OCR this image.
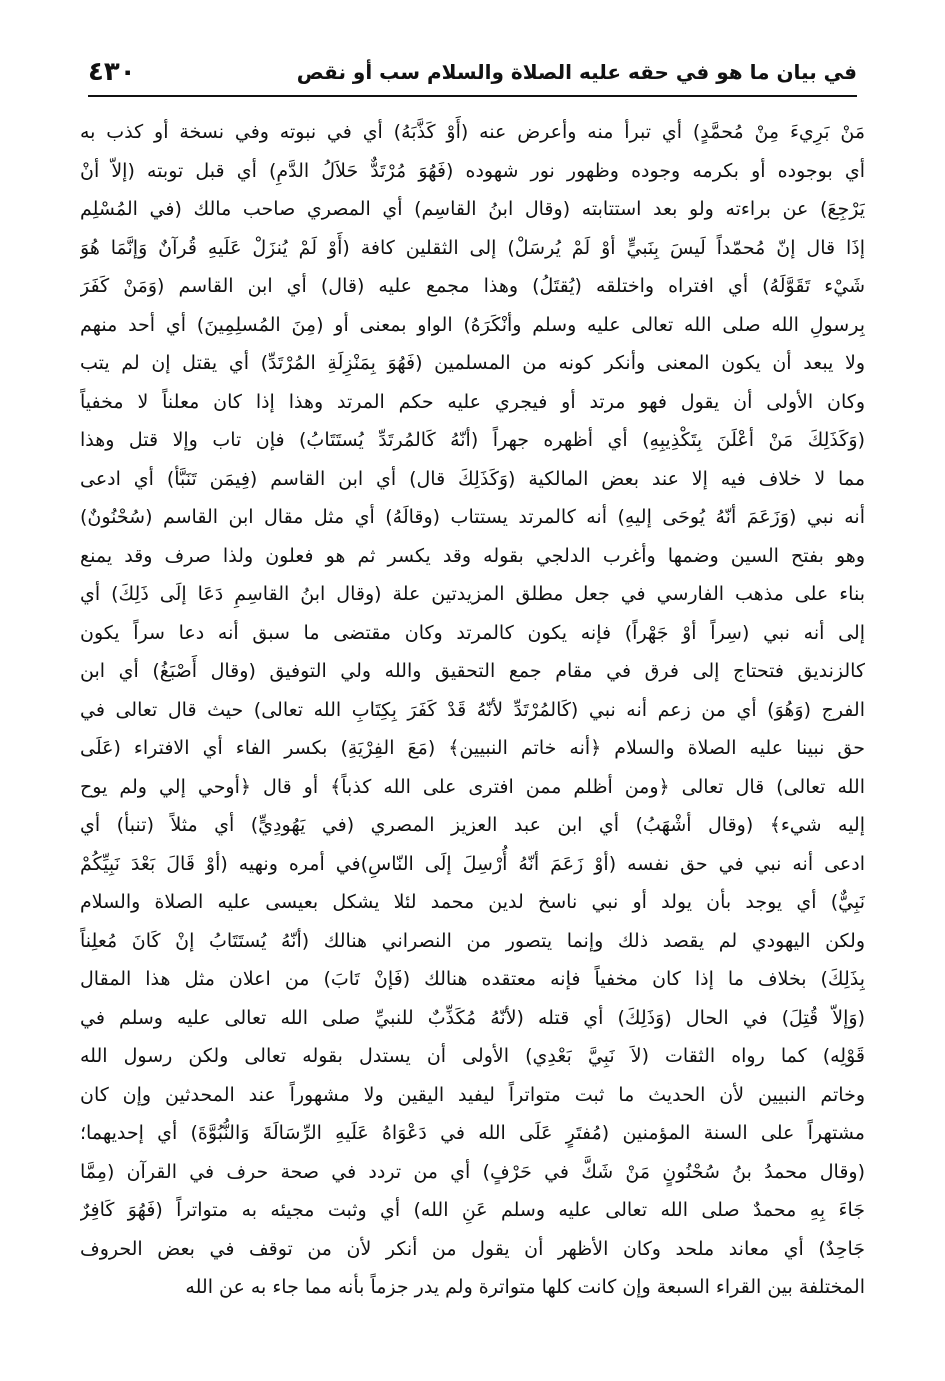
في بيان ما هو في حقه عليه الصلاة والسلام سب أو نقص
٤٣٠
مَنْ بَرِيءَ مِنْ مُحمَّدٍ) أي تبرأ منه وأعرض عنه (أَوْ كَذَّبَهُ) أي في نبوته وفي نسخة أو كذب به
أي بوجوده أو بكرمه وجوده وظهور نور شهوده (فَهُوَ مُرْتَدٌّ حَلاَلُ الدَّمِ) أي قبل توبته (إلاّ أنْ
يَرْجِعَ) عن براءته ولو بعد استتابته (وقال ابنُ القاسِم) أي المصري صاحب مالك (في المُسْلِم
إذَا قال إنّ مُحمّداً لَيسَ بِنَبيٍّ أوْ لَمْ يُرسَلْ) إلى الثقلين كافة (أَوْ لَمْ يُنزَلْ عَلَيهِ قُرآنٌ وَإنَّمَا هُوَ
شَيْء تَقَوَّلَهُ) أي افتراه واختلقه (يُقتَلُ) وهذا مجمع عليه (قال) أي ابن القاسم (وَمَنْ كَفَرَ
بِرسولِ الله صلى الله تعالى عليه وسلم وأنْكَرَهُ) الواو بمعنى أو (مِنَ المُسلِمِينَ) أي أحد منهم
ولا يبعد أن يكون المعنى وأنكر كونه من المسلمين (فَهُوَ بِمَنْزِلَةِ المُرْتَدِّ) أي يقتل إن لم يتب
وكان الأولى أن يقول فهو مرتد أو فيجري عليه حكم المرتد وهذا إذا كان معلناً لا مخفياً
(وَكَذَلِكَ مَنْ أعْلَنَ بِتَكْذِيبِهِ) أي أظهره جهراً (أنّهُ كَالمُرتَدِّ يُستَتَابُ) فإن تاب وإلا قتل وهذا
مما لا خلاف فيه إلا عند بعض المالكية (وَكَذَلِكَ قال) أي ابن القاسم (فِيمَن تَنَبَّأ) أي ادعى
أنه نبي (وَزَعَمَ أنّهُ يُوحَى إليهِ) أنه كالمرتد يستتاب (وقالَهُ) أي مثل مقال ابن القاسم (سُحْنُونٌ)
وهو بفتح السين وضمها وأغرب الدلجي بقوله وقد يكسر ثم هو فعلون ولذا صرف وقد يمنع
بناء على مذهب الفارسي في جعل مطلق المزيدتين علة (وقال ابنُ القاسِمِ دَعَا إلَى ذَلِكَ) أي
إلى أنه نبي (سِراً أوْ جَهْراً) فإنه يكون كالمرتد وكان مقتضى ما سبق أنه دعا سراً يكون
كالزنديق فتحتاج إلى فرق في مقام جمع التحقيق والله ولي التوفيق (وقال أَصْبَغُ) أي ابن
الفرج (وَهُوَ) أي من زعم أنه نبي (كَالمُرْتَدِّ لأنّهُ قَدْ كَفَرَ بِكِتَابِ الله تعالى) حيث قال تعالى في
حق نبينا عليه الصلاة والسلام ﴿أنه خاتم النبيين﴾ (مَعَ الفِرْيَةِ) بكسر الفاء أي الافتراء (عَلَى
الله تعالى) قال تعالى ﴿ومن أظلم ممن افترى على الله كذباً﴾ أو قال ﴿أوحي إلي ولم يوح
إليه شيء﴾ (وقال أشْهَبُ) أي ابن عبد العزيز المصري (في يَهُودِيٍّ) أي مثلاً (تنبأ) أي
ادعى أنه نبي في حق نفسه (أوْ زَعَمَ أنّهُ أُرْسِلَ إلَى النّاسِ)في أمره ونهيه (أوْ قَالَ بَعْدَ نَبِيِّكُمْ
نَبِيٌّ) أي يوجد بأن يولد أو نبي ناسخ لدين محمد لئلا يشكل بعيسى عليه الصلاة والسلام
ولكن اليهودي لم يقصد ذلك وإنما يتصور من النصراني هنالك (أنّهُ يُستَتَابُ إنْ كَانَ مُعلِناً
بِذَلِكَ) بخلاف ما إذا كان مخفياً فإنه معتقده هنالك (فَإنْ تَابَ) من اعلان مثل هذا المقال
(وَإلاّ قُتِلَ) في الحال (وَذَلِكَ) أي قتله (لأنّهُ مُكَذِّبٌ للنبيِّ صلى الله تعالى عليه وسلم في
قَوْلِه) كما رواه الثقات (لاَ نَبِيَّ بَعْدِي) الأولى أن يستدل بقوله تعالى ولكن رسول الله
وخاتم النبيين لأن الحديث ما ثبت متواتراً ليفيد اليقين ولا مشهوراً عند المحدثين وإن كان
مشتهراً على السنة المؤمنين (مُفتَرٍ عَلَى الله في دَعْوَاهُ عَلَيهِ الرِّسَالَةَ وَالنُّبُوَّةَ) أي إحديهما؛
(وقال محمدُ بنُ سُحْنُونٍ مَنْ شَكَّ في حَرْفٍ) أي من تردد في صحة حرف في القرآن (مِمَّا
جَاءَ بِهِ محمدٌ صلى الله تعالى عليه وسلم عَنِ الله) أي وثبت مجيئه به متواتراً (فَهُوَ كَافِرٌ
جَاحِدٌ) أي معاند ملحد وكان الأظهر أن يقول من أنكر لأن من توقف في بعض الحروف
المختلفة بين القراء السبعة وإن كانت كلها متواترة ولم يدر جزماً بأنه مما جاء به عن الله
